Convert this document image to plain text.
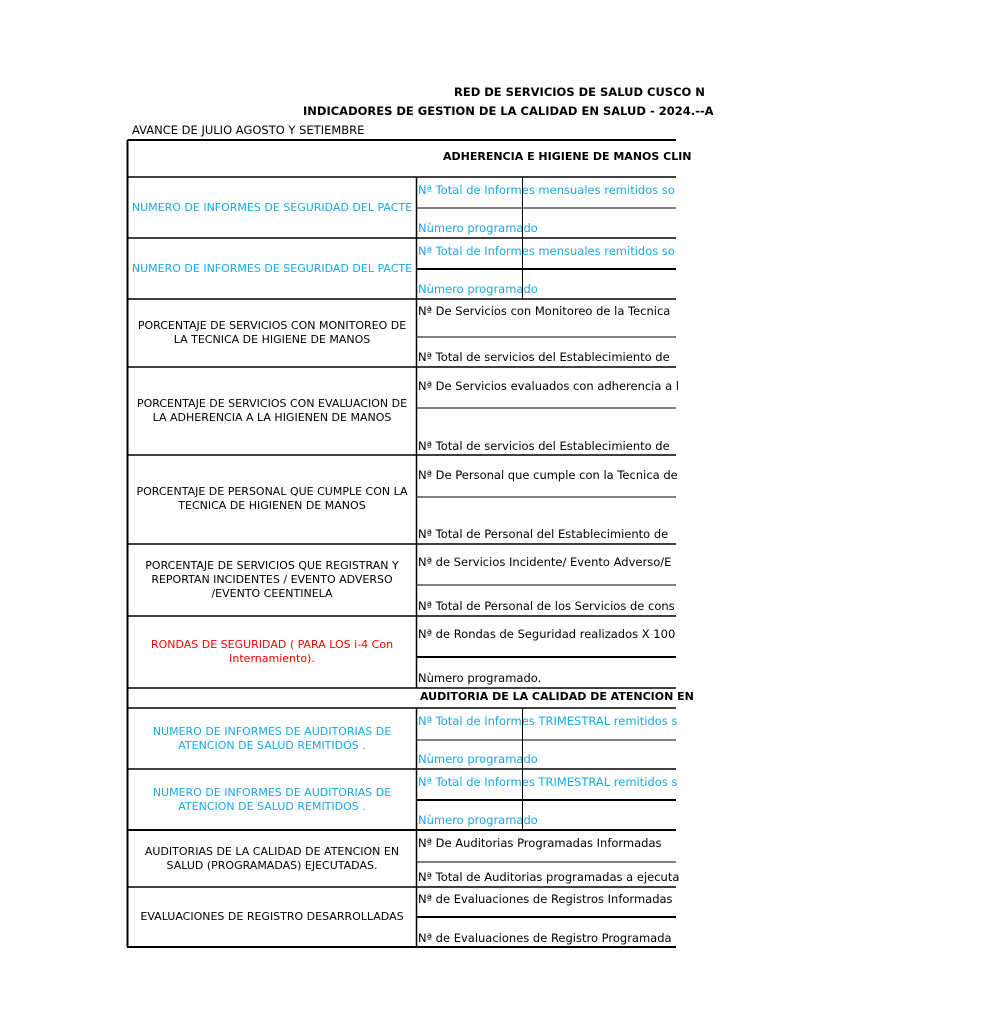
RED DE SERVICIOS DE SALUD CUSCO N
INDICADORES DE GESTION DE LA CALIDAD EN SALUD - 2024.--A
AVANCE DE JULIO AGOSTO Y SETIEMBRE
ADHERENCIA E HIGIENE DE MANOS CLIN
AUDITORIA DE LA CALIDAD DE ATENCION EN
NUMERO DE INFORMES DE SEGURIDAD DEL PACTE
Nª Total de Informes mensuales remitidos so
Nùmero programado
NUMERO DE INFORMES DE SEGURIDAD DEL PACTE
Nª Total de Informes mensuales remitidos so
Nùmero programado
PORCENTAJE DE SERVICIOS CON MONITOREO DE LA TECNICA DE HIGIENE DE MANOS
Nª De Servicios con Monitoreo de la Tecnica
Nª Total de servicios del Establecimiento de
PORCENTAJE DE SERVICIOS CON EVALUACION DE LA ADHERENCIA A LA HIGIENEN DE MANOS
Nª De Servicios evaluados con adherencia a l
Nª Total de servicios del Establecimiento de
PORCENTAJE DE PERSONAL QUE CUMPLE CON LA TECNICA DE HIGIENEN DE MANOS
Nª De Personal que cumple con la Tecnica de
Nª Total de Personal del Establecimiento de
PORCENTAJE DE SERVICIOS QUE REGISTRAN Y REPORTAN INCIDENTES / EVENTO ADVERSO /EVENTO CEENTINELA
Nª de Servicios Incidente/ Evento Adverso/E
Nª Total de Personal de los Servicios de cons
RONDAS DE SEGURIDAD ( PARA LOS i-4 Con Internamiento).
Nª de Rondas de Seguridad realizados X 100
Nùmero programado.
NUMERO DE INFORMES DE AUDITORIAS DE ATENCION DE SALUD REMITIDOS .
Nª Total de Informes TRIMESTRAL remitidos s
Nùmero programado
NUMERO DE INFORMES DE AUDITORIAS DE ATENCION DE SALUD REMITIDOS .
Nª Total de Informes TRIMESTRAL remitidos s
Nùmero programado
AUDITORIAS DE LA CALIDAD DE ATENCION EN SALUD (PROGRAMADAS) EJECUTADAS.
Nª De Auditorias Programadas Informadas
Nª Total de Auditorias programadas a ejecuta
EVALUACIONES DE REGISTRO DESARROLLADAS
Nª de Evaluaciones de Registros Informadas
Nª de Evaluaciones de Registro Programada
